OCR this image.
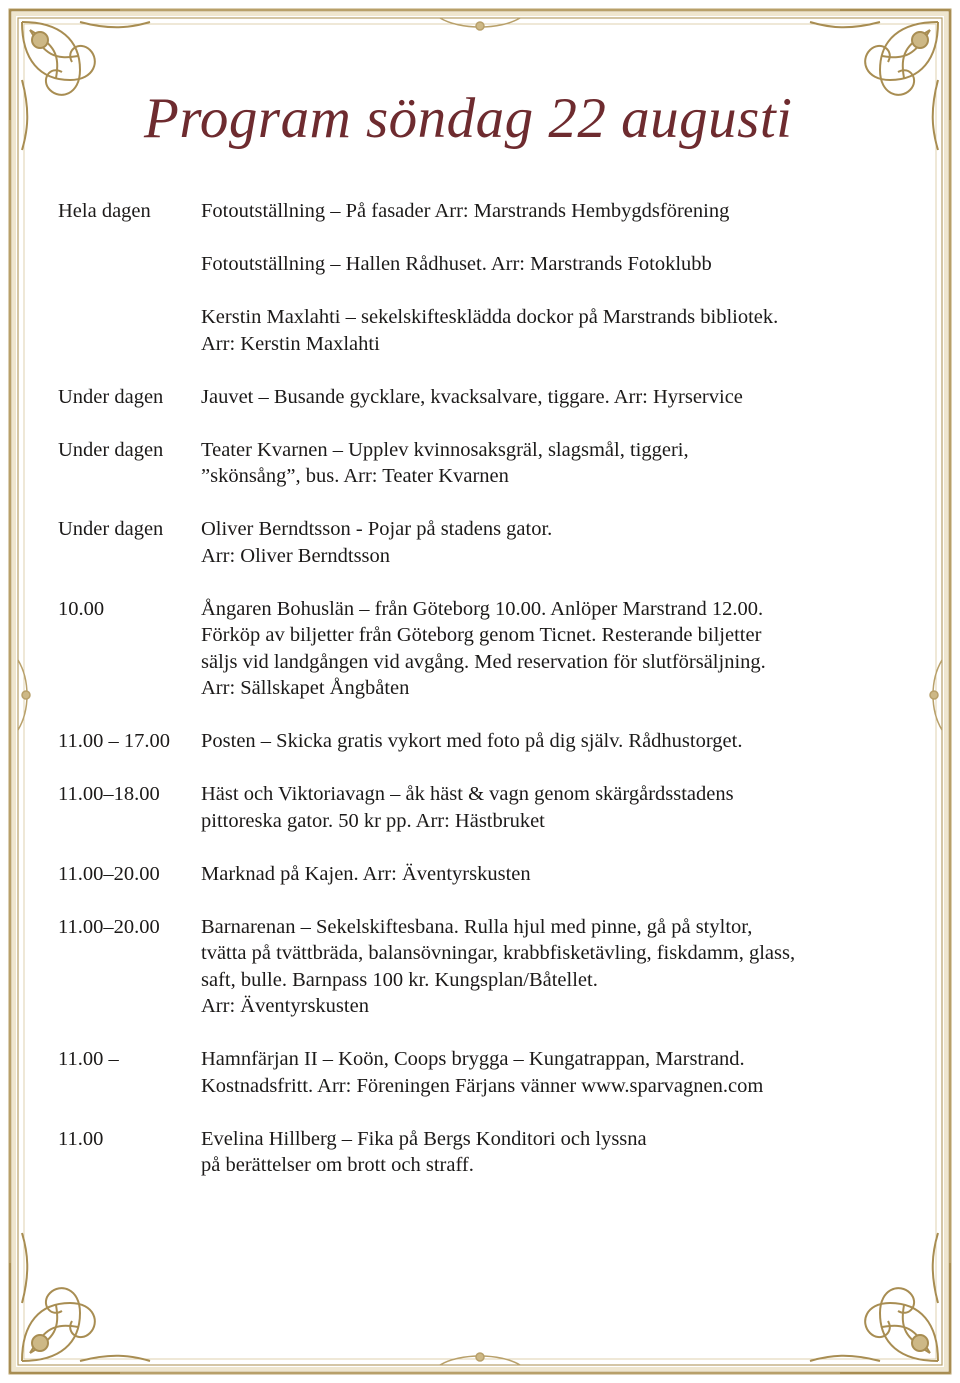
Program söndag 22 augusti
Hela dagen	Fotoutställning – På fasader Arr: Marstrands Hembygdsförening
Fotoutställning – Hallen Rådhuset. Arr: Marstrands Fotoklubb
Kerstin Maxlahti – sekelskiftesklädda dockor på Marstrands bibliotek.
Arr: Kerstin Maxlahti
Under dagen	Jauvet – Busande gycklare, kvacksalvare, tiggare. Arr: Hyrservice
Under dagen	Teater Kvarnen – Upplev kvinnosaksgräl, slagsmål, tiggeri,
”skönsång”, bus. Arr: Teater Kvarnen
Under dagen	Oliver Berndtsson - Pojar på stadens gator.
Arr: Oliver Berndtsson
10.00	Ångaren Bohuslän – från Göteborg 10.00. Anlöper Marstrand 12.00.
Förköp av biljetter från Göteborg genom Ticnet. Resterande biljetter
säljs vid landgången vid avgång. Med reservation för slutförsäljning.
Arr: Sällskapet Ångbåten
11.00 – 17.00	Posten – Skicka gratis vykort med foto på dig själv. Rådhustorget.
11.00–18.00	Häst och Viktoriavagn – åk häst & vagn genom skärgårdsstadens
pittoreska gator. 50 kr pp. Arr: Hästbruket
11.00–20.00	Marknad på Kajen. Arr: Äventyrskusten
11.00–20.00	Barnarenan – Sekelskiftesbana. Rulla hjul med pinne, gå på styltor,
tvätta på tvättbräda, balansövningar, krabbfisketävling, fiskdamm, glass,
saft, bulle. Barnpass 100 kr. Kungsplan/Båtellet.
Arr: Äventyrskusten
11.00 –	Hamnfärjan II – Koön, Coops brygga – Kungatrappan, Marstrand.
Kostnadsfritt. Arr: Föreningen Färjans vänner www.sparvagnen.com
11.00	Evelina Hillberg – Fika på Bergs Konditori och lyssna
på berättelser om brott och straff.
